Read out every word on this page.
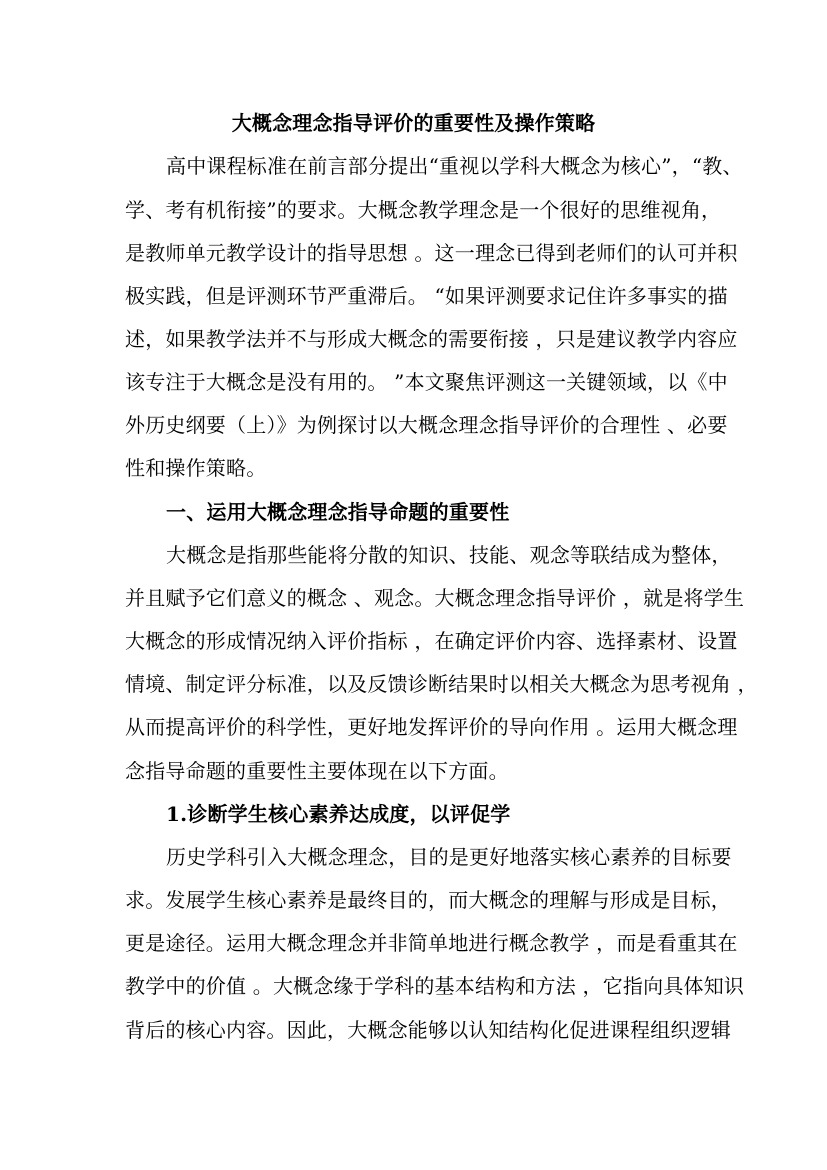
大概念理念指导评价的重要性及操作策略
高中课程标准在前言部分提出“重视以学科大概念为核心”，“教、
学、考有机衔接”的要求。大概念教学理念是一个很好的思维视角，
是教师单元教学设计的指导思想 。这一理念已得到老师们的认可并积
极实践，但是评测环节严重滞后。 “如果评测要求记住许多事实的描
述，如果教学法并不与形成大概念的需要衔接 ，只是建议教学内容应
该专注于大概念是没有用的。 ”本文聚焦评测这一关键领域，以《中
外历史纲要（上）》为例探讨以大概念理念指导评价的合理性 、必要
性和操作策略。
一、运用大概念理念指导命题的重要性
大概念是指那些能将分散的知识、技能、观念等联结成为整体，
并且赋予它们意义的概念 、观念。大概念理念指导评价 ，就是将学生
大概念的形成情况纳入评价指标 ，在确定评价内容、选择素材、设置
情境、制定评分标准，以及反馈诊断结果时以相关大概念为思考视角 ，
从而提高评价的科学性，更好地发挥评价的导向作用 。运用大概念理
念指导命题的重要性主要体现在以下方面。
1.诊断学生核心素养达成度，以评促学
历史学科引入大概念理念，目的是更好地落实核心素养的目标要
求。发展学生核心素养是最终目的，而大概念的理解与形成是目标，
更是途径。运用大概念理念并非简单地进行概念教学 ，而是看重其在
教学中的价值 。大概念缘于学科的基本结构和方法 ，它指向具体知识
背后的核心内容。因此，大概念能够以认知结构化促进课程组织逻辑
